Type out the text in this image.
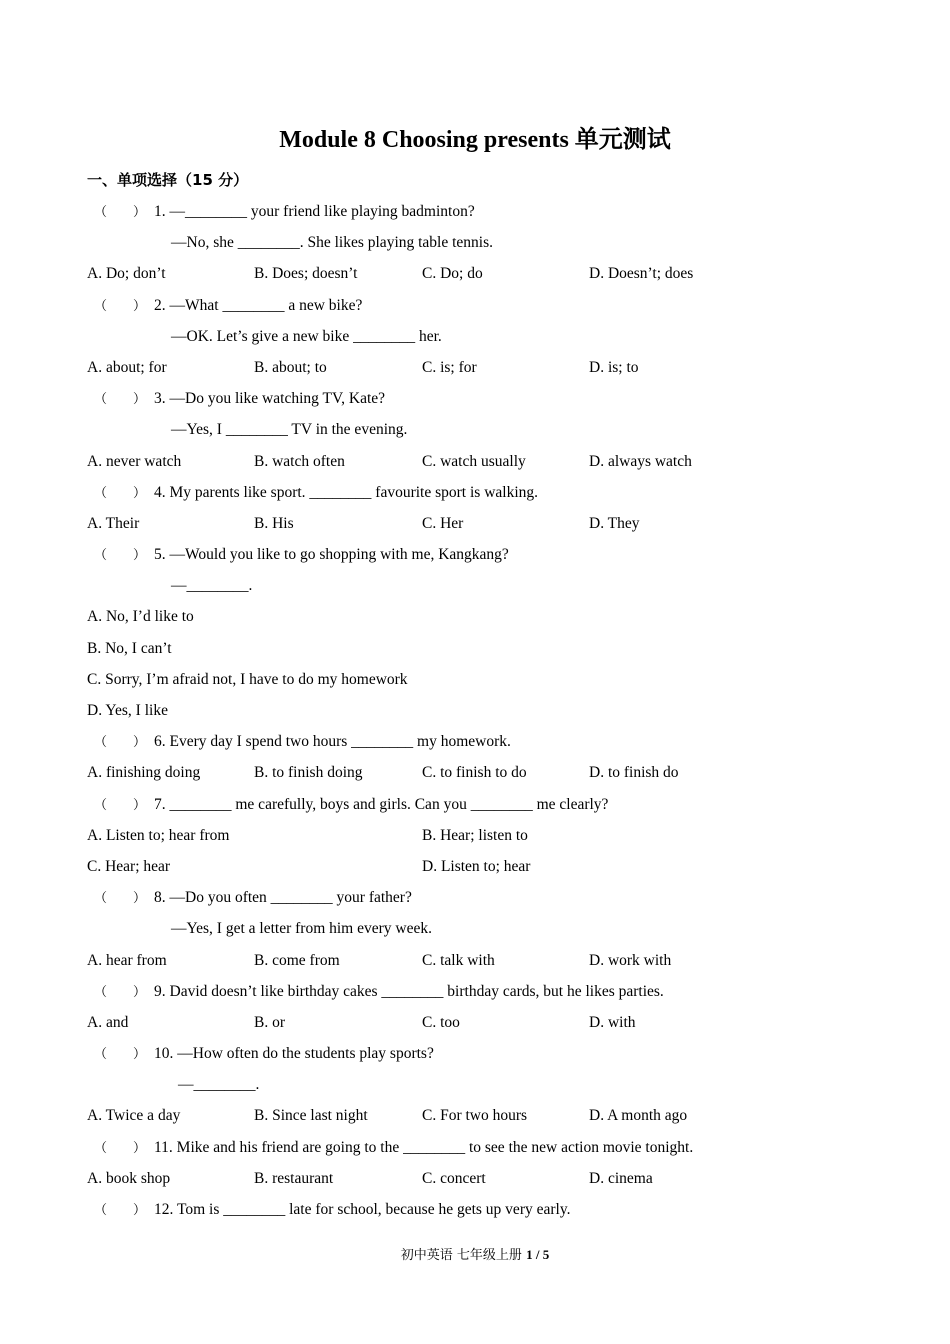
Module 8 Choosing presents 单元测试
一、单项选择（15 分）
（　　） 1. —________ your friend like playing badminton?
—No, she ________. She likes playing table tennis.
A. Do; don’t	B. Does; doesn’t	C. Do; do	D. Doesn’t; does
（　　） 2. —What ________ a new bike?
—OK. Let’s give a new bike ________ her.
A. about; for	B. about; to	C. is; for	D. is; to
（　　） 3. —Do you like watching TV, Kate?
—Yes, I ________ TV in the evening.
A. never watch	B. watch often	C. watch usually	D. always watch
（　　） 4. My parents like sport. ________ favourite sport is walking.
A. Their	B. His	C. Her	D. They
（　　） 5. —Would you like to go shopping with me, Kangkang?
—________.
A. No, I’d like to
B. No, I can’t
C. Sorry, I’m afraid not, I have to do my homework
D. Yes, I like
（　　） 6. Every day I spend two hours ________ my homework.
A. finishing doing	B. to finish doing	C. to finish to do	D. to finish do
（　　） 7. ________ me carefully, boys and girls. Can you ________ me clearly?
A. Listen to; hear from	B. Hear; listen to
C. Hear; hear	D. Listen to; hear
（　　） 8. —Do you often ________ your father?
—Yes, I get a letter from him every week.
A. hear from	B. come from	C. talk with	D. work with
（　　） 9. David doesn’t like birthday cakes ________ birthday cards, but he likes parties.
A. and	B. or	C. too	D. with
（　　） 10. —How often do the students play sports?
—________.
A. Twice a day	B. Since last night	C. For two hours	D. A month ago
（　　） 11. Mike and his friend are going to the ________ to see the new action movie tonight.
A. book shop	B. restaurant	C. concert	D. cinema
（　　） 12. Tom is ________ late for school, because he gets up very early.
初中英语 七年级上册 1 / 5
